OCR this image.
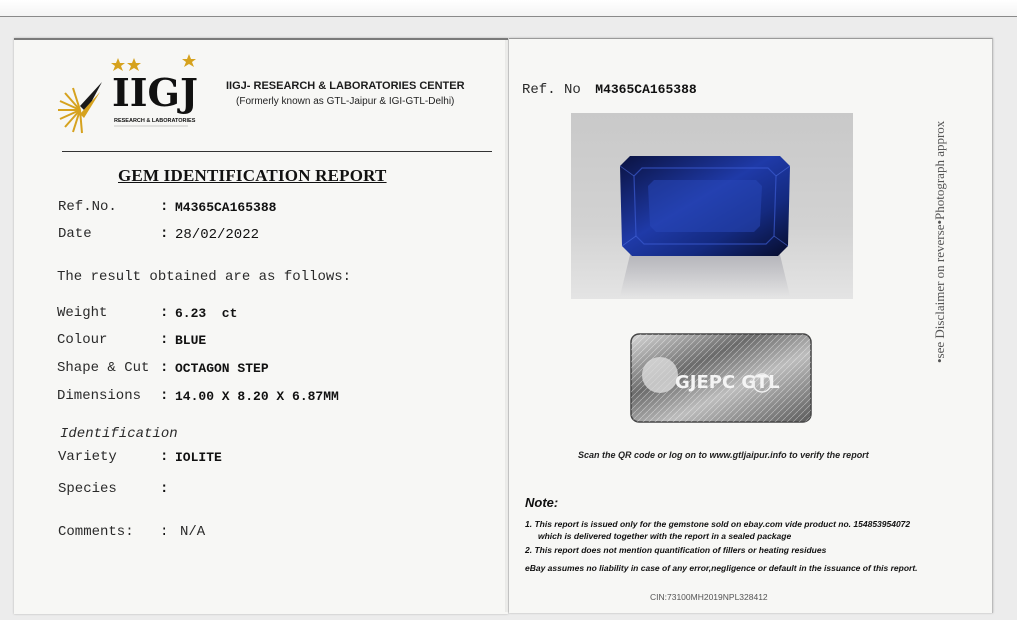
IIGJ
RESEARCH & LABORATORIES
IIGJ- RESEARCH & LABORATORIES CENTER
(Formerly known as GTL-Jaipur & IGI-GTL-Delhi)
GEM IDENTIFICATION REPORT
Ref.No.	: M4365CA165388
Date	: 28/02/2022
The result obtained are as follows:
Weight	: 6.23  ct
Colour	: BLUE
Shape & Cut : OCTAGON STEP
Dimensions : 14.00 X 8.20 X 6.87MM
Identification
Variety	: IOLITE
Species	:
Comments: : N/A
Ref. No M4365CA165388
GJEPC GTL
Scan the QR code or log on to www.gtljaipur.info to verify the report
Note:
1. This report is issued only for the gemstone sold on ebay.com vide product no. 154853954072
which is delivered together with the report in a sealed package
2. This report does not mention quantification of fillers or heating residues
eBay assumes no liability in case of any error,negligence or default in the issuance of this report.
CIN:73100MH2019NPL328412
•see Disclaimer on reverse•Photograph approx
